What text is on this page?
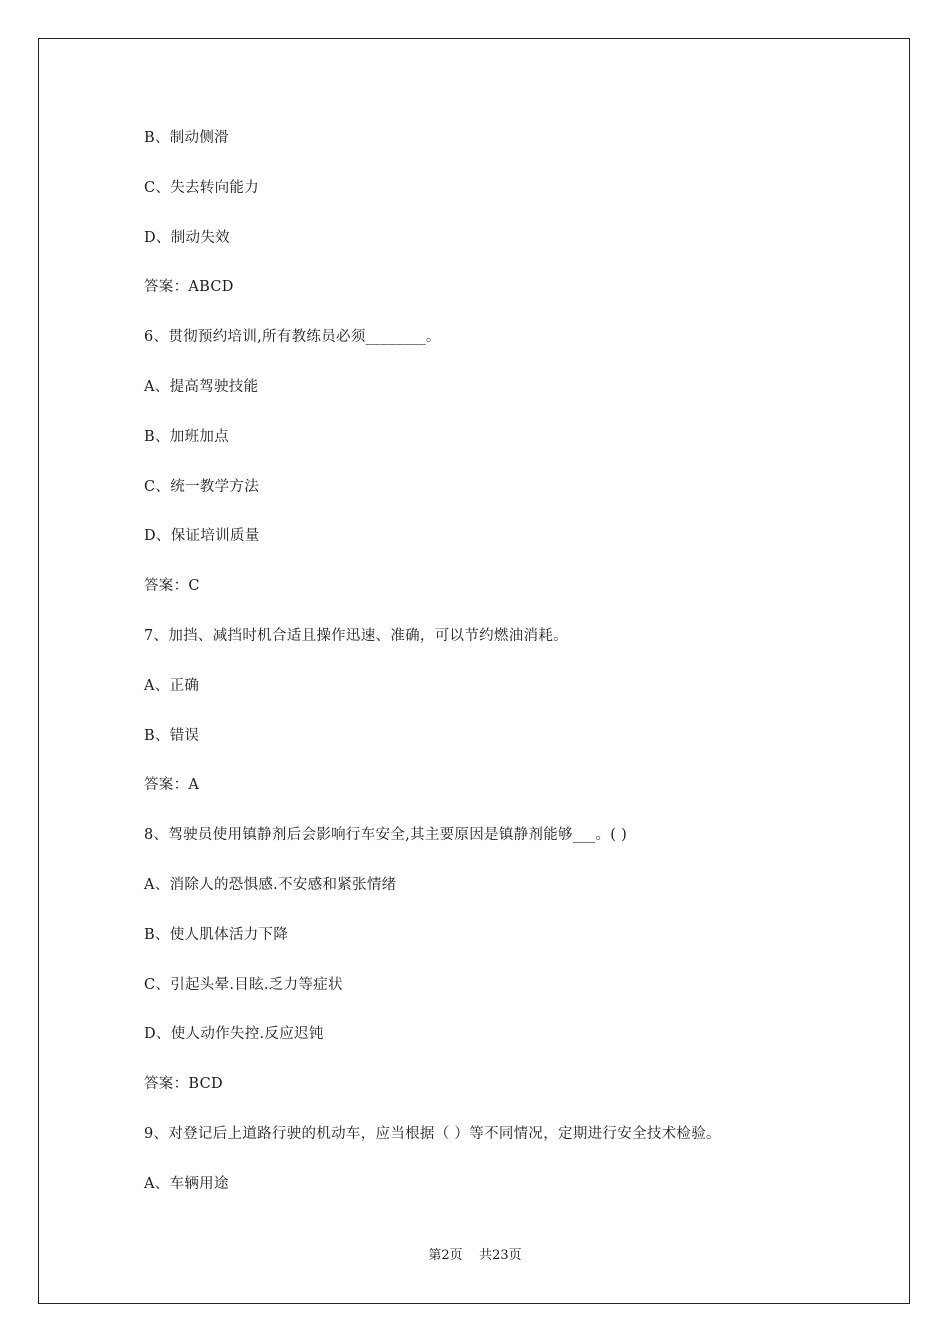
B、制动侧滑
C、失去转向能力
D、制动失效
答案：ABCD
6、贯彻预约培训,所有教练员必须________。
A、提高驾驶技能
B、加班加点
C、统一教学方法
D、保证培训质量
答案：C
7、加挡、减挡时机合适且操作迅速、准确，可以节约燃油消耗。
A、正确
B、错误
答案：A
8、驾驶员使用镇静剂后会影响行车安全,其主要原因是镇静剂能够___。( )
A、消除人的恐惧感.不安感和紧张情绪
B、使人肌体活力下降
C、引起头晕.目眩.乏力等症状
D、使人动作失控.反应迟钝
答案：BCD
9、对登记后上道路行驶的机动车，应当根据（ ）等不同情况，定期进行安全技术检验。
A、车辆用途
第2页    共23页
